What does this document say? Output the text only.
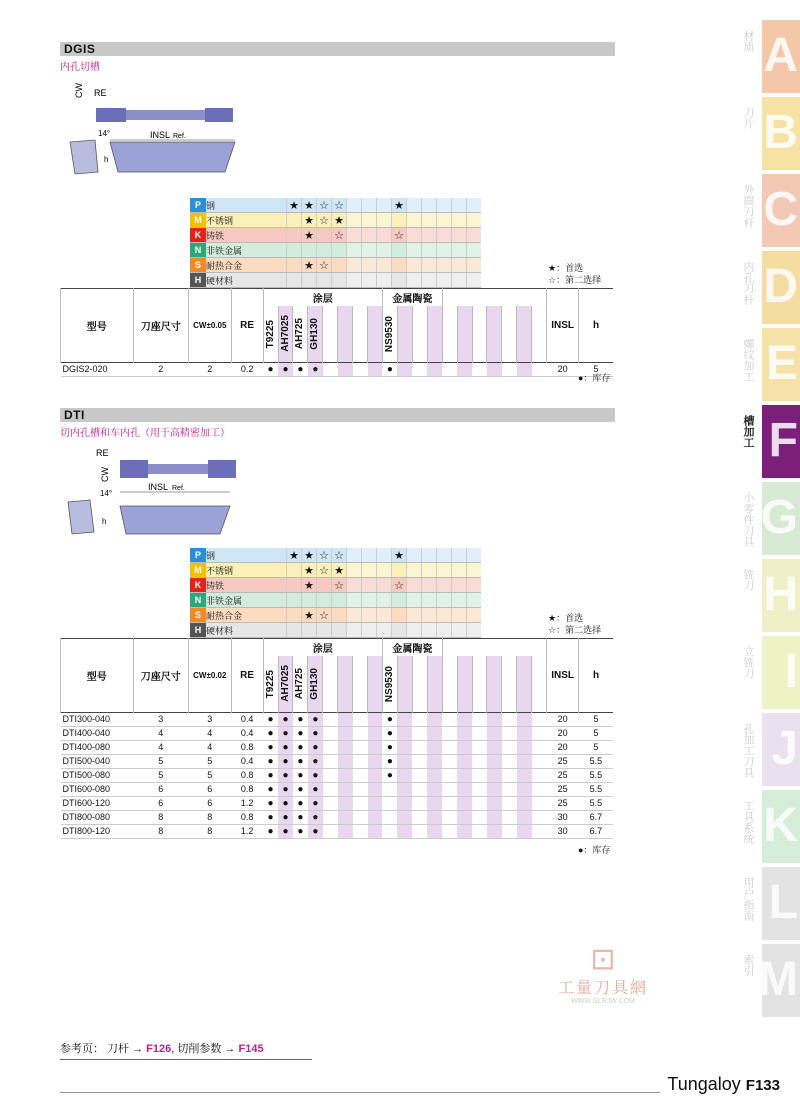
DGIS
内孔切槽
CW RE
INSL Ref.
14°
h
P	钢	★	★	☆	☆				★					
M	不锈钢		★	☆	★									
K	铸铁		★		☆				☆					
N	非铁金属													
S	耐热合金		★	☆										
H	硬材料													
★：首选
☆：第二选择
型号	刀座尺寸	CW±0.05	RE	涂层								金属陶瓷											INSL	h

				T9225	AH7025	AH725	GH130					NS9530												

DGIS2-020	2	2	0.2	●	●	●	●					●											20	5
●：库存
DTI
切内孔槽和车内孔（用于高精密加工）
RE
CW
INSL Ref.
14°
h
P	钢	★	★	☆	☆				★					
M	不锈钢		★	☆	★									
K	铸铁		★		☆				☆					
N	非铁金属													
S	耐热合金		★	☆										
H	硬材料													
★：首选
☆：第二选择
型号	刀座尺寸	CW±0.02	RE	涂层								金属陶瓷											INSL	h

				T9225	AH7025	AH725	GH130					NS9530												

DTI300-040	3	3	0.4	●	●	●	●					●											20	5
DTI400-040	4	4	0.4	●	●	●	●					●											20	5
DTI400-080	4	4	0.8	●	●	●	●					●											20	5
DTI500-040	5	5	0.4	●	●	●	●					●											25	5.5
DTI500-080	5	5	0.8	●	●	●	●					●											25	5.5
DTI600-080	6	6	0.8	●	●	●	●																25	5.5
DTI600-120	6	6	1.2	●	●	●	●																25	5.5
DTI800-080	8	8	0.8	●	●	●	●																30	6.7
DTI800-120	8	8	1.2	●	●	●	●																30	6.7
●：库存
⊡
工量刀具網
WWW.GLRJW.COM
A
材质
B
刀片
C
外圆刀杆
D
内孔刀杆
E
螺纹加工
F
槽加工
G
小零件刀具
H
铣刀
I
立铣刀
J
孔加工刀具
K
工具系统
L
用户指南
M
索引
参考页： 刀杆 → F126, 切削参数 → F145
Tungaloy F133
